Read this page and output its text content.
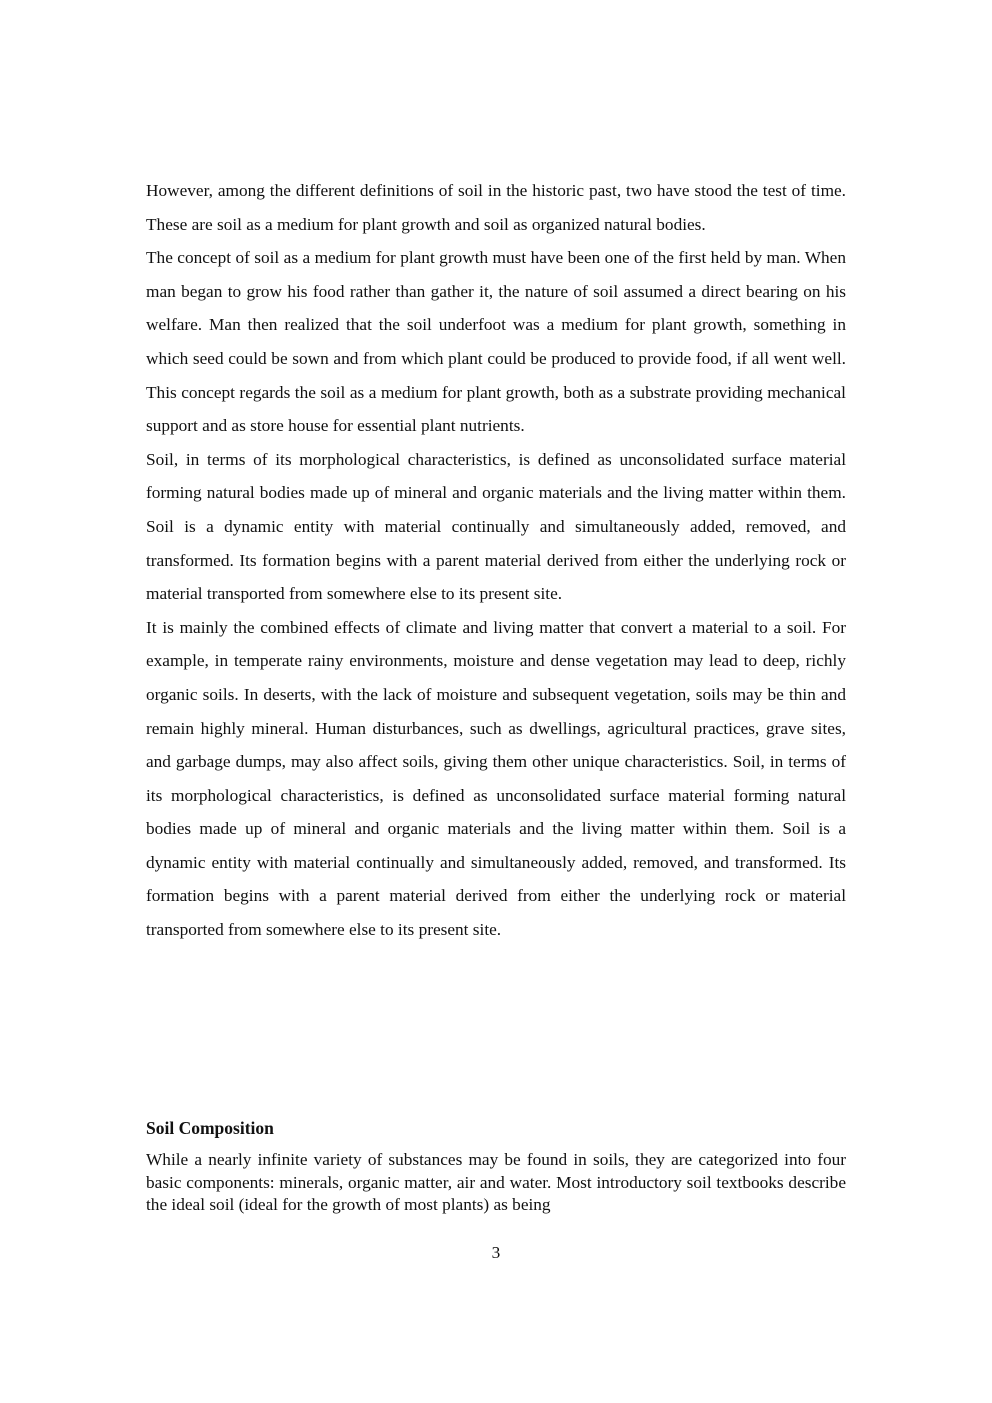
However, among the different definitions of soil in the historic past, two have stood the test of time. These are soil as a medium for plant growth and soil as organized natural bodies.

The concept of soil as a medium for plant growth must have been one of the first held by man. When man began to grow his food rather than gather it, the nature of soil assumed a direct bearing on his welfare. Man then realized that the soil underfoot was a medium for plant growth, something in which seed could be sown and from which plant could be produced to provide food, if all went well. This concept regards the soil as a medium for plant growth, both as a substrate providing mechanical support and as store house for essential plant nutrients.

Soil, in terms of its morphological characteristics, is defined as unconsolidated surface material forming natural bodies made up of mineral and organic materials and the living matter within them. Soil is a dynamic entity with material continually and simultaneously added, removed, and transformed. Its formation begins with a parent material derived from either the underlying rock or material transported from somewhere else to its present site.

It is mainly the combined effects of climate and living matter that convert a material to a soil. For example, in temperate rainy environments, moisture and dense vegetation may lead to deep, richly organic soils. In deserts, with the lack of moisture and subsequent vegetation, soils may be thin and remain highly mineral. Human disturbances, such as dwellings, agricultural practices, grave sites, and garbage dumps, may also affect soils, giving them other unique characteristics. Soil, in terms of its morphological characteristics, is defined as unconsolidated surface material forming natural bodies made up of mineral and organic materials and the living matter within them. Soil is a dynamic entity with material continually and simultaneously added, removed, and transformed. Its formation begins with a parent material derived from either the underlying rock or material transported from somewhere else to its present site.

Soil Composition

While a nearly infinite variety of substances may be found in soils, they are categorized into four basic components: minerals, organic matter, air and water. Most introductory soil textbooks describe the ideal soil (ideal for the growth of most plants) as being

3
